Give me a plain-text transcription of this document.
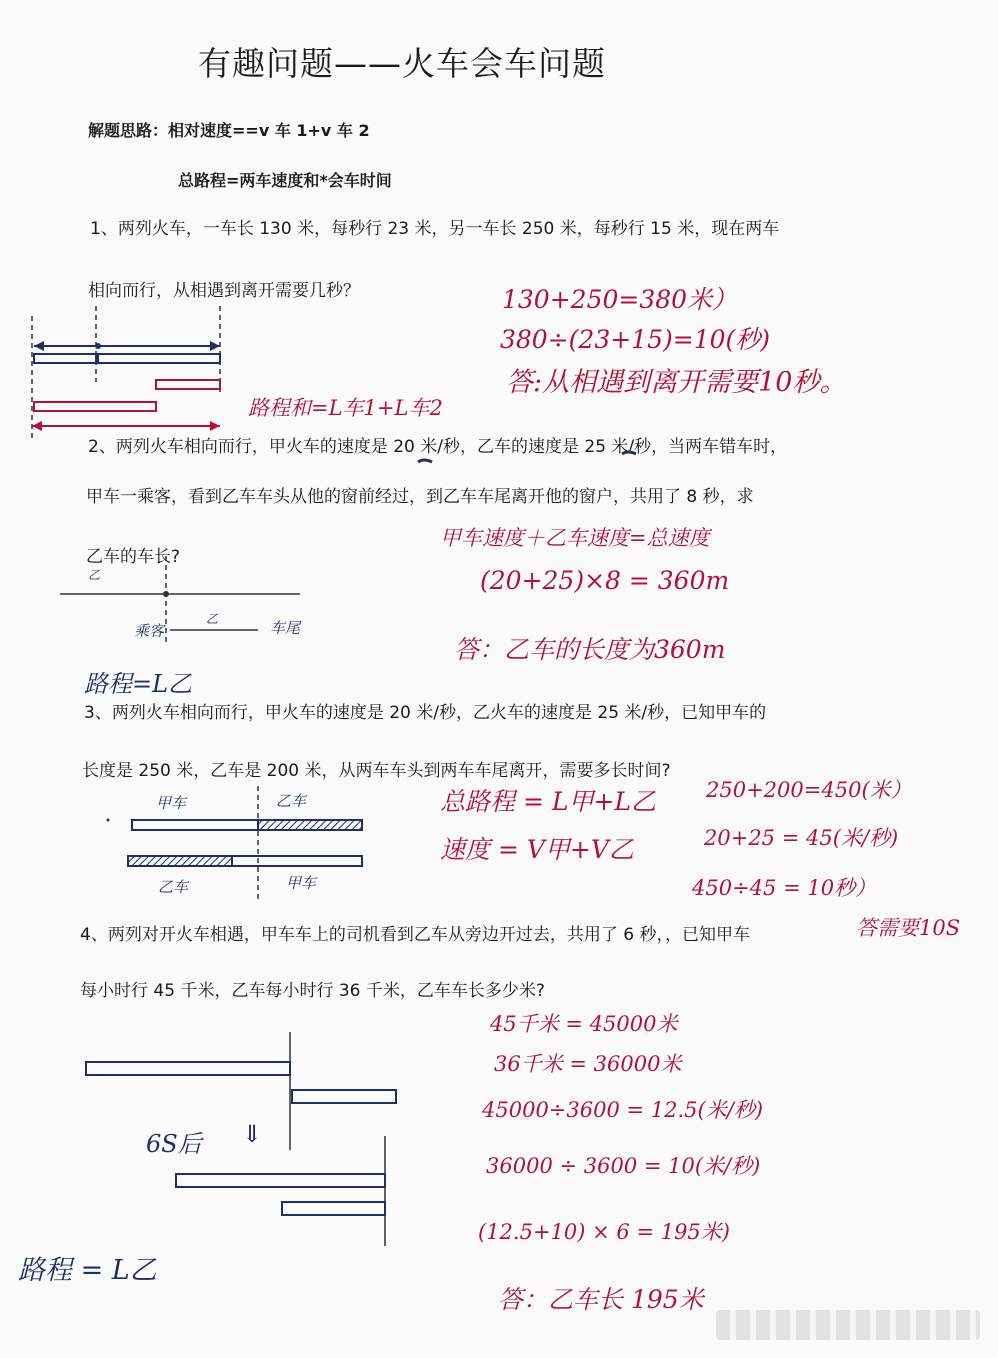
有趣问题——火车会车问题
解题思路：相对速度==v 车 1+v 车 2
总路程=两车速度和*会车时间
1、两列火车，一车长 130 米，每秒行 23 米，另一车长 250 米，每秒行 15 米，现在两车
相向而行，从相遇到离开需要几秒？	130+250=380米）
380÷(23+15)=10(秒)
答:从相遇到离开需要10秒。
路程和=L车1+L车2
2、两列火车相向而行，甲火车的速度是 20 米/秒，乙车的速度是 25 米/秒，当两车错车时，
甲车一乘客，看到乙车车头从他的窗前经过，到乙车车尾离开他的窗户，共用了 8 秒，求
乙车的车长?
甲车速度＋乙车速度=总速度
(20+25)×8 = 360m
答：乙车的长度为360m
乙
乘客
乙	车尾
路程=L乙
3、两列火车相向而行，甲火车的速度是 20 米/秒，乙火车的速度是 25 米/秒，已知甲车的
长度是 250 米，乙车是 200 米，从两车车头到两车车尾离开，需要多长时间?
总路程 = L甲+L乙
速度 = V甲+V乙
250+200=450(米）
20+25 = 45(米/秒)
450÷45 = 10秒）
答需要10S
甲车	乙车
乙车	甲车
4、两列对开火车相遇，甲车车上的司机看到乙车从旁边开过去，共用了 6 秒，，已知甲车
每小时行 45 千米，乙车每小时行 36 千米，乙车车长多少米?
45千米 = 45000米
36千米 = 36000米
45000÷3600 = 12.5(米/秒)
36000 ÷ 3600 = 10(米/秒)
(12.5+10) × 6 = 195米)
答：乙车长 195米
6S后 ⇓
路程 = L乙
